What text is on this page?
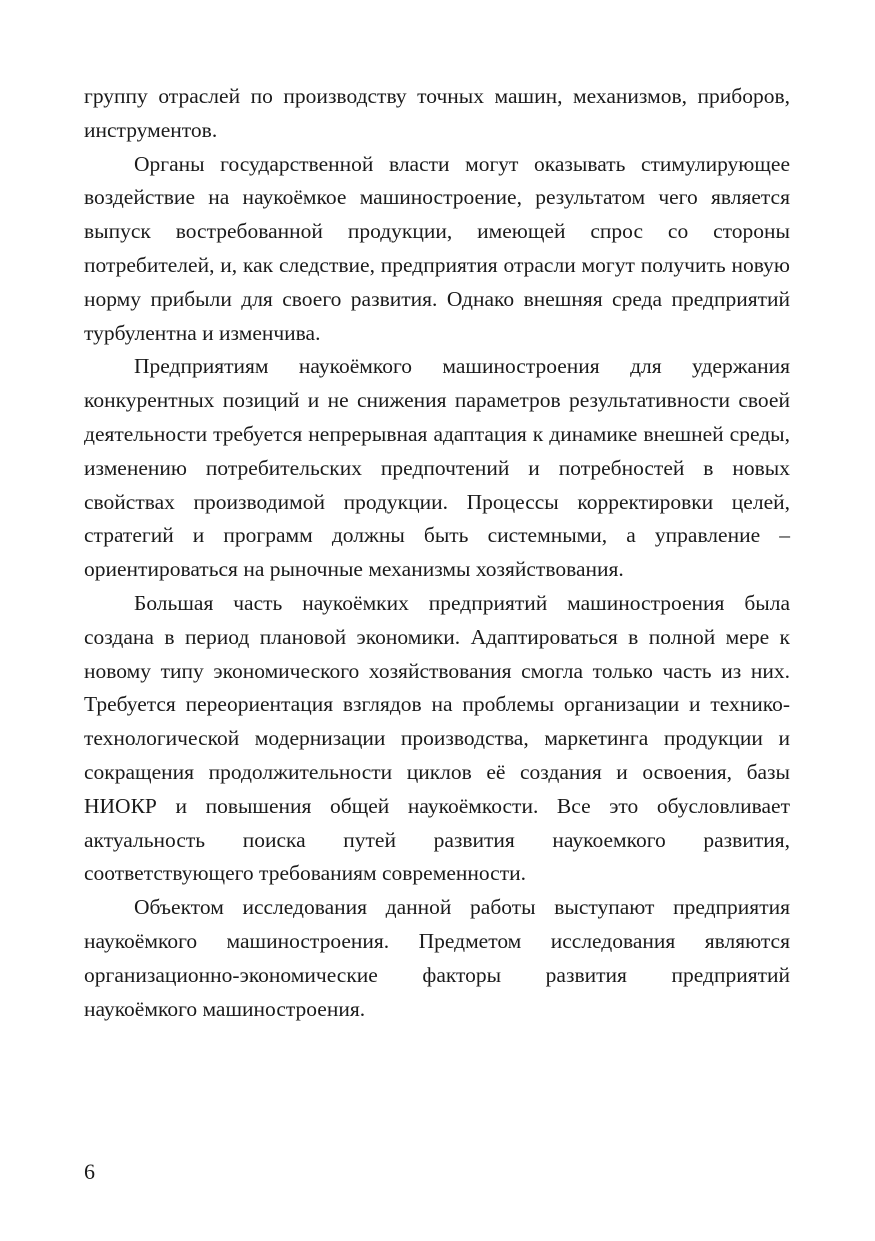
группу отраслей по производству точных машин, механизмов, приборов, инструментов.

Органы государственной власти могут оказывать стимулирующее воздействие на наукоёмкое машиностроение, результатом чего является выпуск востребованной продукции, имеющей спрос со стороны потребителей, и, как следствие, предприятия отрасли могут получить новую норму прибыли для своего развития. Однако внешняя среда предприятий турбулентна и изменчива.

Предприятиям наукоёмкого машиностроения для удержания конкурентных позиций и не снижения параметров результативности своей деятельности требуется непрерывная адаптация к динамике внешней среды, изменению потребительских предпочтений и потребностей в новых свойствах производимой продукции. Процессы корректировки целей, стратегий и программ должны быть системными, а управление – ориентироваться на рыночные механизмы хозяйствования.

Большая часть наукоёмких предприятий машиностроения была создана в период плановой экономики. Адаптироваться в полной мере к новому типу экономического хозяйствования смогла только часть из них. Требуется переориентация взглядов на проблемы организации и технико-технологической модернизации производства, маркетинга продукции и сокращения продолжительности циклов её создания и освоения, базы НИОКР и повышения общей наукоёмкости. Все это обусловливает актуальность поиска путей развития наукоемкого развития, соответствующего требованиям современности.

Объектом исследования данной работы выступают предприятия наукоёмкого машиностроения. Предметом исследования являются организационно-экономические факторы развития предприятий наукоёмкого машиностроения.

6
